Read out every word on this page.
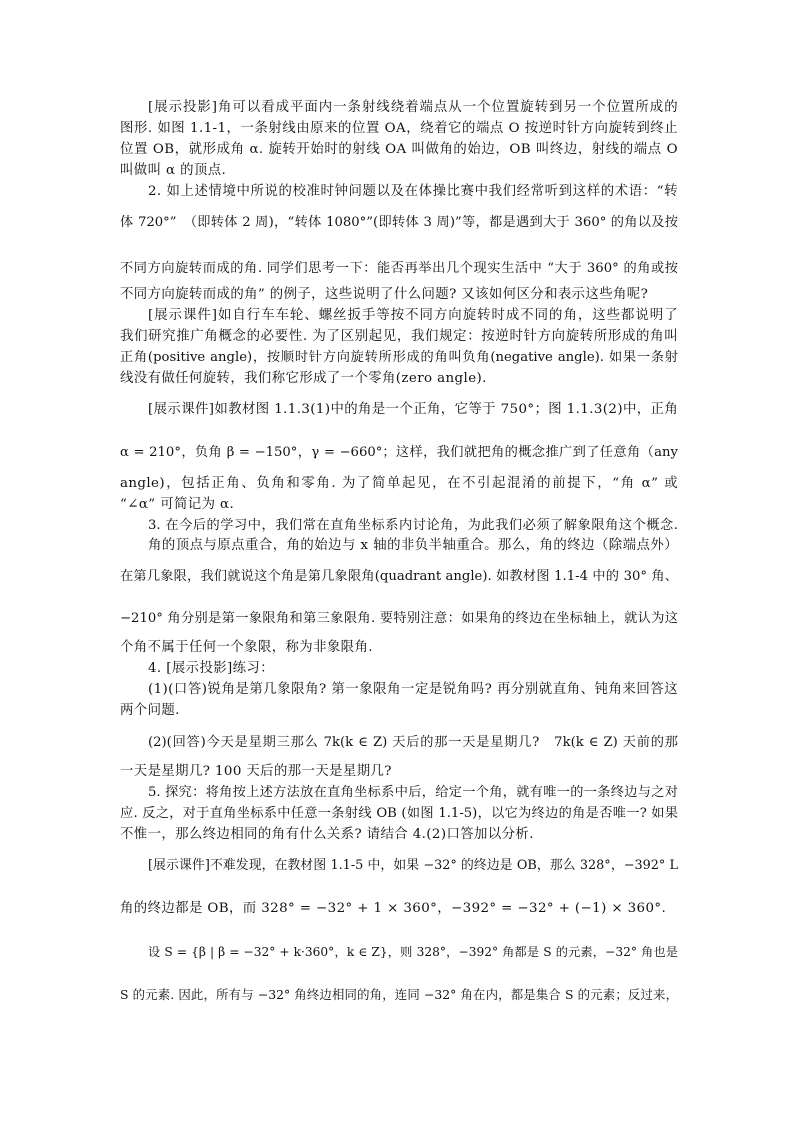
[展示投影]角可以看成平面内一条射线绕着端点从一个位置旋转到另一个位置所成的
图形. 如图 1.1-1，一条射线由原来的位置 OA，绕着它的端点 O 按逆时针方向旋转到终止
位置 OB，就形成角 α. 旋转开始时的射线 OA 叫做角的始边，OB 叫终边，射线的端点 O
叫做叫 α 的顶点.
2. 如上述情境中所说的校准时钟问题以及在体操比赛中我们经常听到这样的术语：“转
体 720°”　（即转体 2 周)，“转体 1080°”(即转体 3 周)”等，都是遇到大于 360° 的角以及按
不同方向旋转而成的角. 同学们思考一下：能否再举出几个现实生活中 “大于 360° 的角或按
不同方向旋转而成的角” 的例子，这些说明了什么问题? 又该如何区分和表示这些角呢?
[展示课件]如自行车车轮、螺丝扳手等按不同方向旋转时成不同的角，这些都说明了
我们研究推广角概念的必要性. 为了区别起见，我们规定：按逆时针方向旋转所形成的角叫
正角(positive angle)，按顺时针方向旋转所形成的角叫负角(negative angle). 如果一条射
线没有做任何旋转，我们称它形成了一个零角(zero angle).
[展示课件]如教材图 1.1.3(1)中的角是一个正角，它等于 750°；图 1.1.3(2)中，正角
α = 210°，负角 β = −150°，γ = −660°；这样，我们就把角的概念推广到了任意角（any
angle)，包括正角、负角和零角. 为了简单起见，在不引起混淆的前提下，“角 α” 或
“∠α” 可简记为 α.
3. 在今后的学习中，我们常在直角坐标系内讨论角，为此我们必须了解象限角这个概念.
角的顶点与原点重合，角的始边与 x 轴的非负半轴重合。那么，角的终边（除端点外）
在第几象限，我们就说这个角是第几象限角(quadrant angle). 如教材图 1.1-4 中的 30° 角、
−210° 角分别是第一象限角和第三象限角. 要特别注意：如果角的终边在坐标轴上，就认为这
个角不属于任何一个象限，称为非象限角.
4. [展示投影]练习：
(1)(口答)锐角是第几象限角? 第一象限角一定是锐角吗? 再分别就直角、钝角来回答这
两个问题.
(2)(回答)今天是星期三那么 7k(k ∈ Z) 天后的那一天是星期几?　7k(k ∈ Z) 天前的那
一天是星期几? 100 天后的那一天是星期几?
5. 探究：将角按上述方法放在直角坐标系中后，给定一个角，就有唯一的一条终边与之对
应. 反之，对于直角坐标系中任意一条射线 OB (如图 1.1-5)，以它为终边的角是否唯一? 如果
不惟一，那么终边相同的角有什么关系? 请结合 4.(2)口答加以分析.
[展示课件]不难发现，在教材图 1.1-5 中，如果 −32° 的终边是 OB，那么 328°，−392° L
角的终边都是 OB，而 328° = −32° + 1 × 360°，−392° = −32° + (−1) × 360°.
设 S = {β | β = −32° + k·360°，k ∈ Z}，则 328°，−392° 角都是 S 的元素，−32° 角也是
S 的元素. 因此，所有与 −32° 角终边相同的角，连同 −32° 角在内，都是集合 S 的元素；反过来，
